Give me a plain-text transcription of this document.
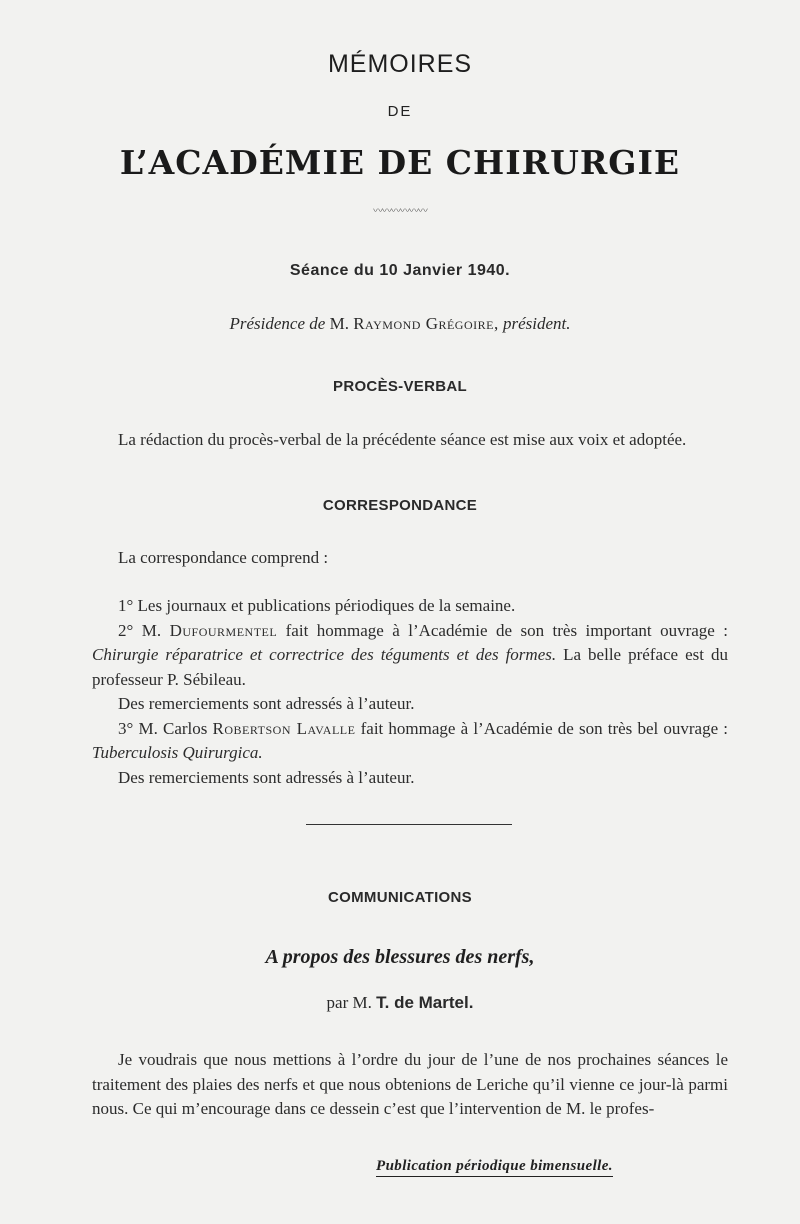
MÉMOIRES
DE
L’ACADÉMIE DE CHIRURGIE
〰〰〰〰〰〰
Séance du 10 Janvier 1940.
Présidence de M. Raymond Grégoire, président.
PROCÈS-VERBAL

La rédaction du procès-verbal de la précédente séance est mise aux voix et adoptée.

CORRESPONDANCE

La correspondance comprend :

1° Les journaux et publications périodiques de la semaine.

2° M. Dufourmentel fait hommage à l’Académie de son très important ouvrage : Chirurgie réparatrice et correctrice des téguments et des formes. La belle préface est du professeur P. Sébileau.

Des remerciements sont adressés à l’auteur.

3° M. Carlos Robertson Lavalle fait hommage à l’Académie de son très bel ouvrage : Tuberculosis Quirurgica.

Des remerciements sont adressés à l’auteur.

COMMUNICATIONS
A propos des blessures des nerfs,
par M. T. de Martel.

Je voudrais que nous mettions à l’ordre du jour de l’une de nos prochaines séances le traitement des plaies des nerfs et que nous obtenions de Leriche qu’il vienne ce jour-là parmi nous. Ce qui m’encourage dans ce dessein c’est que l’intervention de M. le profes-

Publication périodique bimensuelle.
